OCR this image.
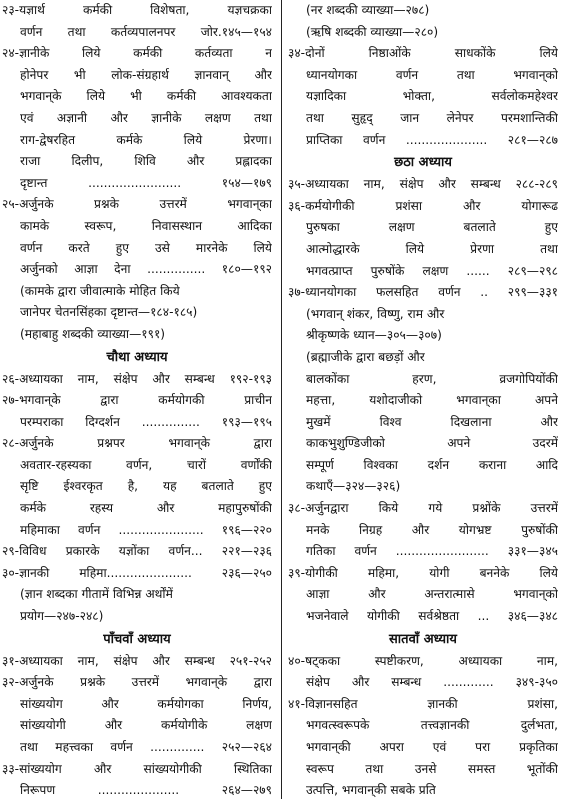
२३-यज्ञार्थ कर्मकी विशेषता, यज्ञचक्रका
वर्णन तथा कर्तव्यपालनपर जोर.१४५—१५४
२४-ज्ञानीके लिये कर्मकी कर्तव्यता न
होनेपर भी लोक-संग्रहार्थ ज्ञानवान् और
भगवान्‌के लिये भी कर्मकी आवश्यकता
एवं अज्ञानी और ज्ञानीके लक्षण तथा
राग-द्वेषरहित कर्मके लिये प्रेरणा।
राजा दिलीप, शिवि और प्रह्लादका
दृष्टान्त ........................ १५४—१७९
२५-अर्जुनके प्रश्नके उत्तरमें भगवान्‌का
कामके स्वरूप, निवासस्थान आदिका
वर्णन करते हुए उसे मारनेके लिये
अर्जुनको आज्ञा देना ............... १८०—१९२
(कामके द्वारा जीवात्माके मोहित किये
जानेपर चेतनसिंहका दृष्टान्त—१८४-१८५)
(महाबाहु शब्दकी व्याख्या—१९१)
चौथा अध्याय
२६-अध्यायका नाम, संक्षेप और सम्बन्ध १९२-१९३
२७-भगवान्‌के द्वारा कर्मयोगकी प्राचीन
परम्पराका दिग्दर्शन ............... १९३—१९५
२८-अर्जुनके प्रश्नपर भगवान्‌के द्वारा
अवतार-रहस्यका वर्णन, चारों वर्णोंकी
सृष्टि ईश्वरकृत है, यह बतलाते हुए
कर्मके रहस्य और महापुरुषोंकी
महिमाका वर्णन ...................... १९६—२२०
२९-विविध प्रकारके यज्ञोंका वर्णन... २२१—२३६
३०-ज्ञानकी महिमा...................... २३६—२५०
(ज्ञान शब्दका गीतामें विभिन्न अर्थोंमें
प्रयोग—२४७-२४८)
पाँचवाँ अध्याय
३१-अध्यायका नाम, संक्षेप और सम्बन्ध २५१-२५२
३२-अर्जुनके प्रश्नके उत्तरमें भगवान्‌के द्वारा
सांख्ययोग और कर्मयोगका निर्णय,
सांख्ययोगी और कर्मयोगीके लक्षण
तथा महत्त्वका वर्णन .............. २५२—२६४
३३-सांख्ययोग और सांख्ययोगीकी स्थितिका
निरूपण ..................... २६४—२७९
(नर शब्दकी व्याख्या—२७८)
(ऋषि शब्दकी व्याख्या—२८०)
३४-दोनों निष्ठाओंके साधकोंके लिये
ध्यानयोगका वर्णन तथा भगवान्‌को
यज्ञादिका भोक्ता, सर्वलोकमहेश्वर
तथा सुहृद् जान लेनेपर परमशान्तिकी
प्राप्तिका वर्णन ..................... २८१—२८७
छठा अध्याय
३५-अध्यायका नाम, संक्षेप और सम्बन्ध २८८-२८९
३६-कर्मयोगीकी प्रशंसा और योगारूढ
पुरुषका लक्षण बतलाते हुए
आत्मोद्धारके लिये प्रेरणा तथा
भगवत्प्राप्त पुरुषोंके लक्षण ...... २८९—२९८
३७-ध्यानयोगका फलसहित वर्णन .. २९९—३३१
(भगवान् शंकर, विष्णु, राम और
श्रीकृष्णके ध्यान—३०५—३०७)
(ब्रह्माजीके द्वारा बछड़ों और
बालकोंका हरण, व्रजगोपियोंकी
महत्ता, यशोदाजीको भगवान्‌का अपने
मुखमें विश्व दिखलाना और
काकभुशुण्डिजीको अपने उदरमें
सम्पूर्ण विश्वका दर्शन कराना आदि
कथाएँ—३२४—३२६)
३८-अर्जुनद्वारा किये गये प्रश्नोंके उत्तरमें
मनके निग्रह और योगभ्रष्ट पुरुषोंकी
गतिका वर्णन ........................ ३३१—३४५
३९-योगीकी महिमा, योगी बननेके लिये
आज्ञा और अन्तरात्मासे भगवान्‌को
भजनेवाले योगीकी सर्वश्रेष्ठता ... ३४६—३४८
सातवाँ अध्याय
४०-षट्कका स्पष्टीकरण, अध्यायका नाम,
संक्षेप और सम्बन्ध ............. ३४९-३५०
४१-विज्ञानसहित ज्ञानकी प्रशंसा,
भगवत्स्वरूपके तत्त्वज्ञानकी दुर्लभता,
भगवान्‌की अपरा एवं परा प्रकृतिका
स्वरूप तथा उनसे समस्त भूतोंकी
उत्पत्ति, भगवान्‌की सबके प्रति
